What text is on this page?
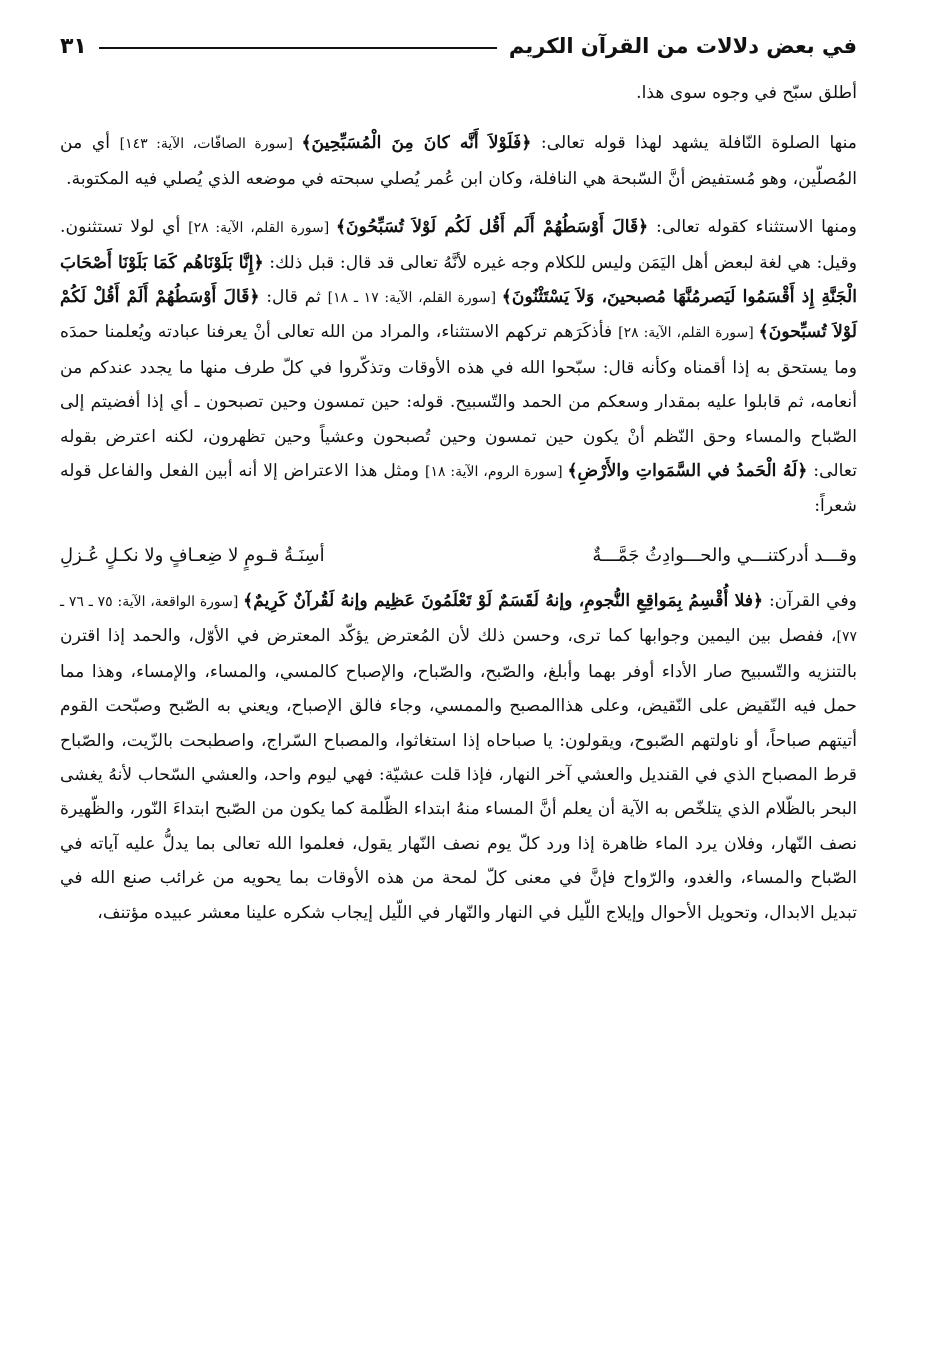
في بعض دلالات من القرآن الكريم
٣١

أطلق سبّح في وجوه سوى هذا.

منها الصلوة النّافلة يشهد لهذا قوله تعالى: ﴿فَلَوْلاَ أَنَّه كانَ مِنَ الْمُسَبِّحِينَ﴾ [سورة الصافّات، الآية: ١٤٣] أي من المُصلّين، وهو مُستفيض أنَّ السّبحة هي النافلة، وكان ابن عُمر يُصلي سبحته في موضعه الذي يُصلي فيه المكتوبة.

ومنها الاستثناء كقوله تعالى: ﴿قَالَ أَوْسَطُهُمْ أَلَم أَقُل لَكُم لَوْلاَ تُسَبِّحُونَ﴾ [سورة القلم، الآية: ٢٨] أي لولا تستثنون. وقيل: هي لغة لبعض أهل اليَمَن وليس للكلام وجه غيره لأنَّهُ تعالى قد قال: قبل ذلك: ﴿إِنَّا بَلَوْنَاهُم كَمَا بَلَوْنَا أَصْحَابَ الْجَنَّةِ إِذ أَقْسَمُوا لَيَصرمُنَّهَا مُصبحينَ، وَلاَ يَسْتَثْنُونَ﴾ [سورة القلم، الآية: ١٧ ـ ١٨] ثم قال: ﴿قَالَ أَوْسَطُهُمْ أَلَمْ أَقُلْ لَكُمْ لَوْلاَ تُسبِّحونَ﴾ [سورة القلم، الآية: ٢٨] فأذكَرَهم تركهم الاستثناء، والمراد من الله تعالى أنْ يعرفنا عبادته ويُعلمنا حمدَه وما يستحق به إذا أقمناه وكأنه قال: سبّحوا الله في هذه الأوقات وتذكّروا في كلّ طرف منها ما يجدد عندكم من أنعامه، ثم قابلوا عليه بمقدار وسعكم من الحمد والتّسبيح. قوله: حين تمسون وحين تصبحون ـ أي إذا أفضيتم إلى الصّباح والمساء وحق النّظم أنْ يكون حين تمسون وحين تُصبحون وعشياً وحين تظهرون، لكنه اعترض بقوله تعالى: ﴿لَهُ الْحَمدُ في السَّمَواتِ والأَرْضِ﴾ [سورة الروم، الآية: ١٨] ومثل هذا الاعتراض إلا أنه أبين الفعل والفاعل قوله شعراً:

وقـــد أدركتنـــي والحـــوادِثُ جَمَّـــةٌ
أسِنَـةُ قـومٍ لا ضِعـافٍ ولا نكـلٍ عُـزلِ

وفي القرآن: ﴿فلا أُقْسِمُ بِمَواقِعِ النُّجومِ، وإنهُ لَقَسَمٌ لَوْ تَعْلَمُونَ عَظِيم وإنهُ لَقُرآنٌ كَرِيمٌ﴾ [سورة الواقعة، الآية: ٧٥ ـ ٧٦ ـ ٧٧]، ففصل بين اليمين وجوابها كما ترى، وحسن ذلك لأن المُعترض يؤكّد المعترض في الأوّل، والحمد إذا اقترن بالتنزيه والتّسبيح صار الأداء أوفر بهما وأبلغ، والصّبح، والصّباح، والإصباح كالمسي، والمساء، والإمساء، وهذا مما حمل فيه النّقيض على النّقيض، وعلى هذاالمصبح والممسي، وجاء فالق الإصباح، ويعني به الصّبح وصبّحت القوم أتيتهم صباحاً، أو ناولتهم الصّبوح، ويقولون: يا صباحاه إذا استغاثوا، والمصباح السّراج، واصطبحت بالزّيت، والصّباح قرط المصباح الذي في القنديل والعشي آخر النهار، فإذا قلت عشيّة: فهي ليوم واحد، والعشي السّحاب لأنهُ يغشى البحر بالظّلام الذي يتلخّص به الآية أن يعلم أنَّ المساء منهُ ابتداء الظّلمة كما يكون من الصّبح ابتداءَ النّور، والظّهيرة نصف النّهار، وفلان يرد الماء ظاهرة إذا ورد كلّ يوم نصف النّهار يقول، فعلموا الله تعالى بما يدلُّ عليه آياته في الصّباح والمساء، والغدو، والرّواح فإنَّ في معنى كلّ لمحة من هذه الأوقات بما يحويه من غرائب صنع الله في تبديل الابدال، وتحويل الأحوال وإيلاج اللّيل في النهار والنّهار في اللّيل إيجاب شكره علينا معشر عبيده مؤتنف،
